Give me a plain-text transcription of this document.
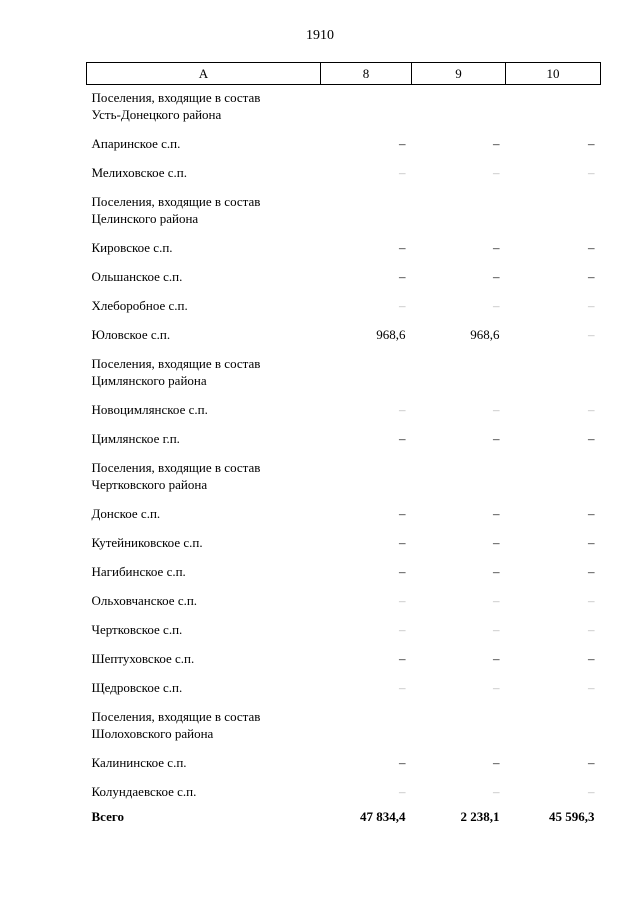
1910
А	8	9	10

Поселения, входящие в состав
Усть-Донецкого района			

Апаринское с.п.	–	–	–

Мелиховское с.п.	–	–	–

Поселения, входящие в состав
Целинского района			

Кировское с.п.	–	–	–

Ольшанское с.п.	–	–	–

Хлеборобное с.п.	–	–	–

Юловское с.п.	968,6	968,6	–

Поселения, входящие в состав
Цимлянского района			

Новоцимлянское с.п.	–	–	–

Цимлянское г.п.	–	–	–

Поселения, входящие в состав
Чертковского района			

Донское с.п.	–	–	–

Кутейниковское с.п.	–	–	–

Нагибинское с.п.	–	–	–

Ольховчанское с.п.	–	–	–

Чертковское с.п.	–	–	–

Шептуховское с.п.	–	–	–

Щедровское с.п.	–	–	–

Поселения, входящие в состав
Шолоховского района			

Калининское с.п.	–	–	–

Колундаевское с.п.	–	–	–

Всего	47 834,4	2 238,1	45 596,3
